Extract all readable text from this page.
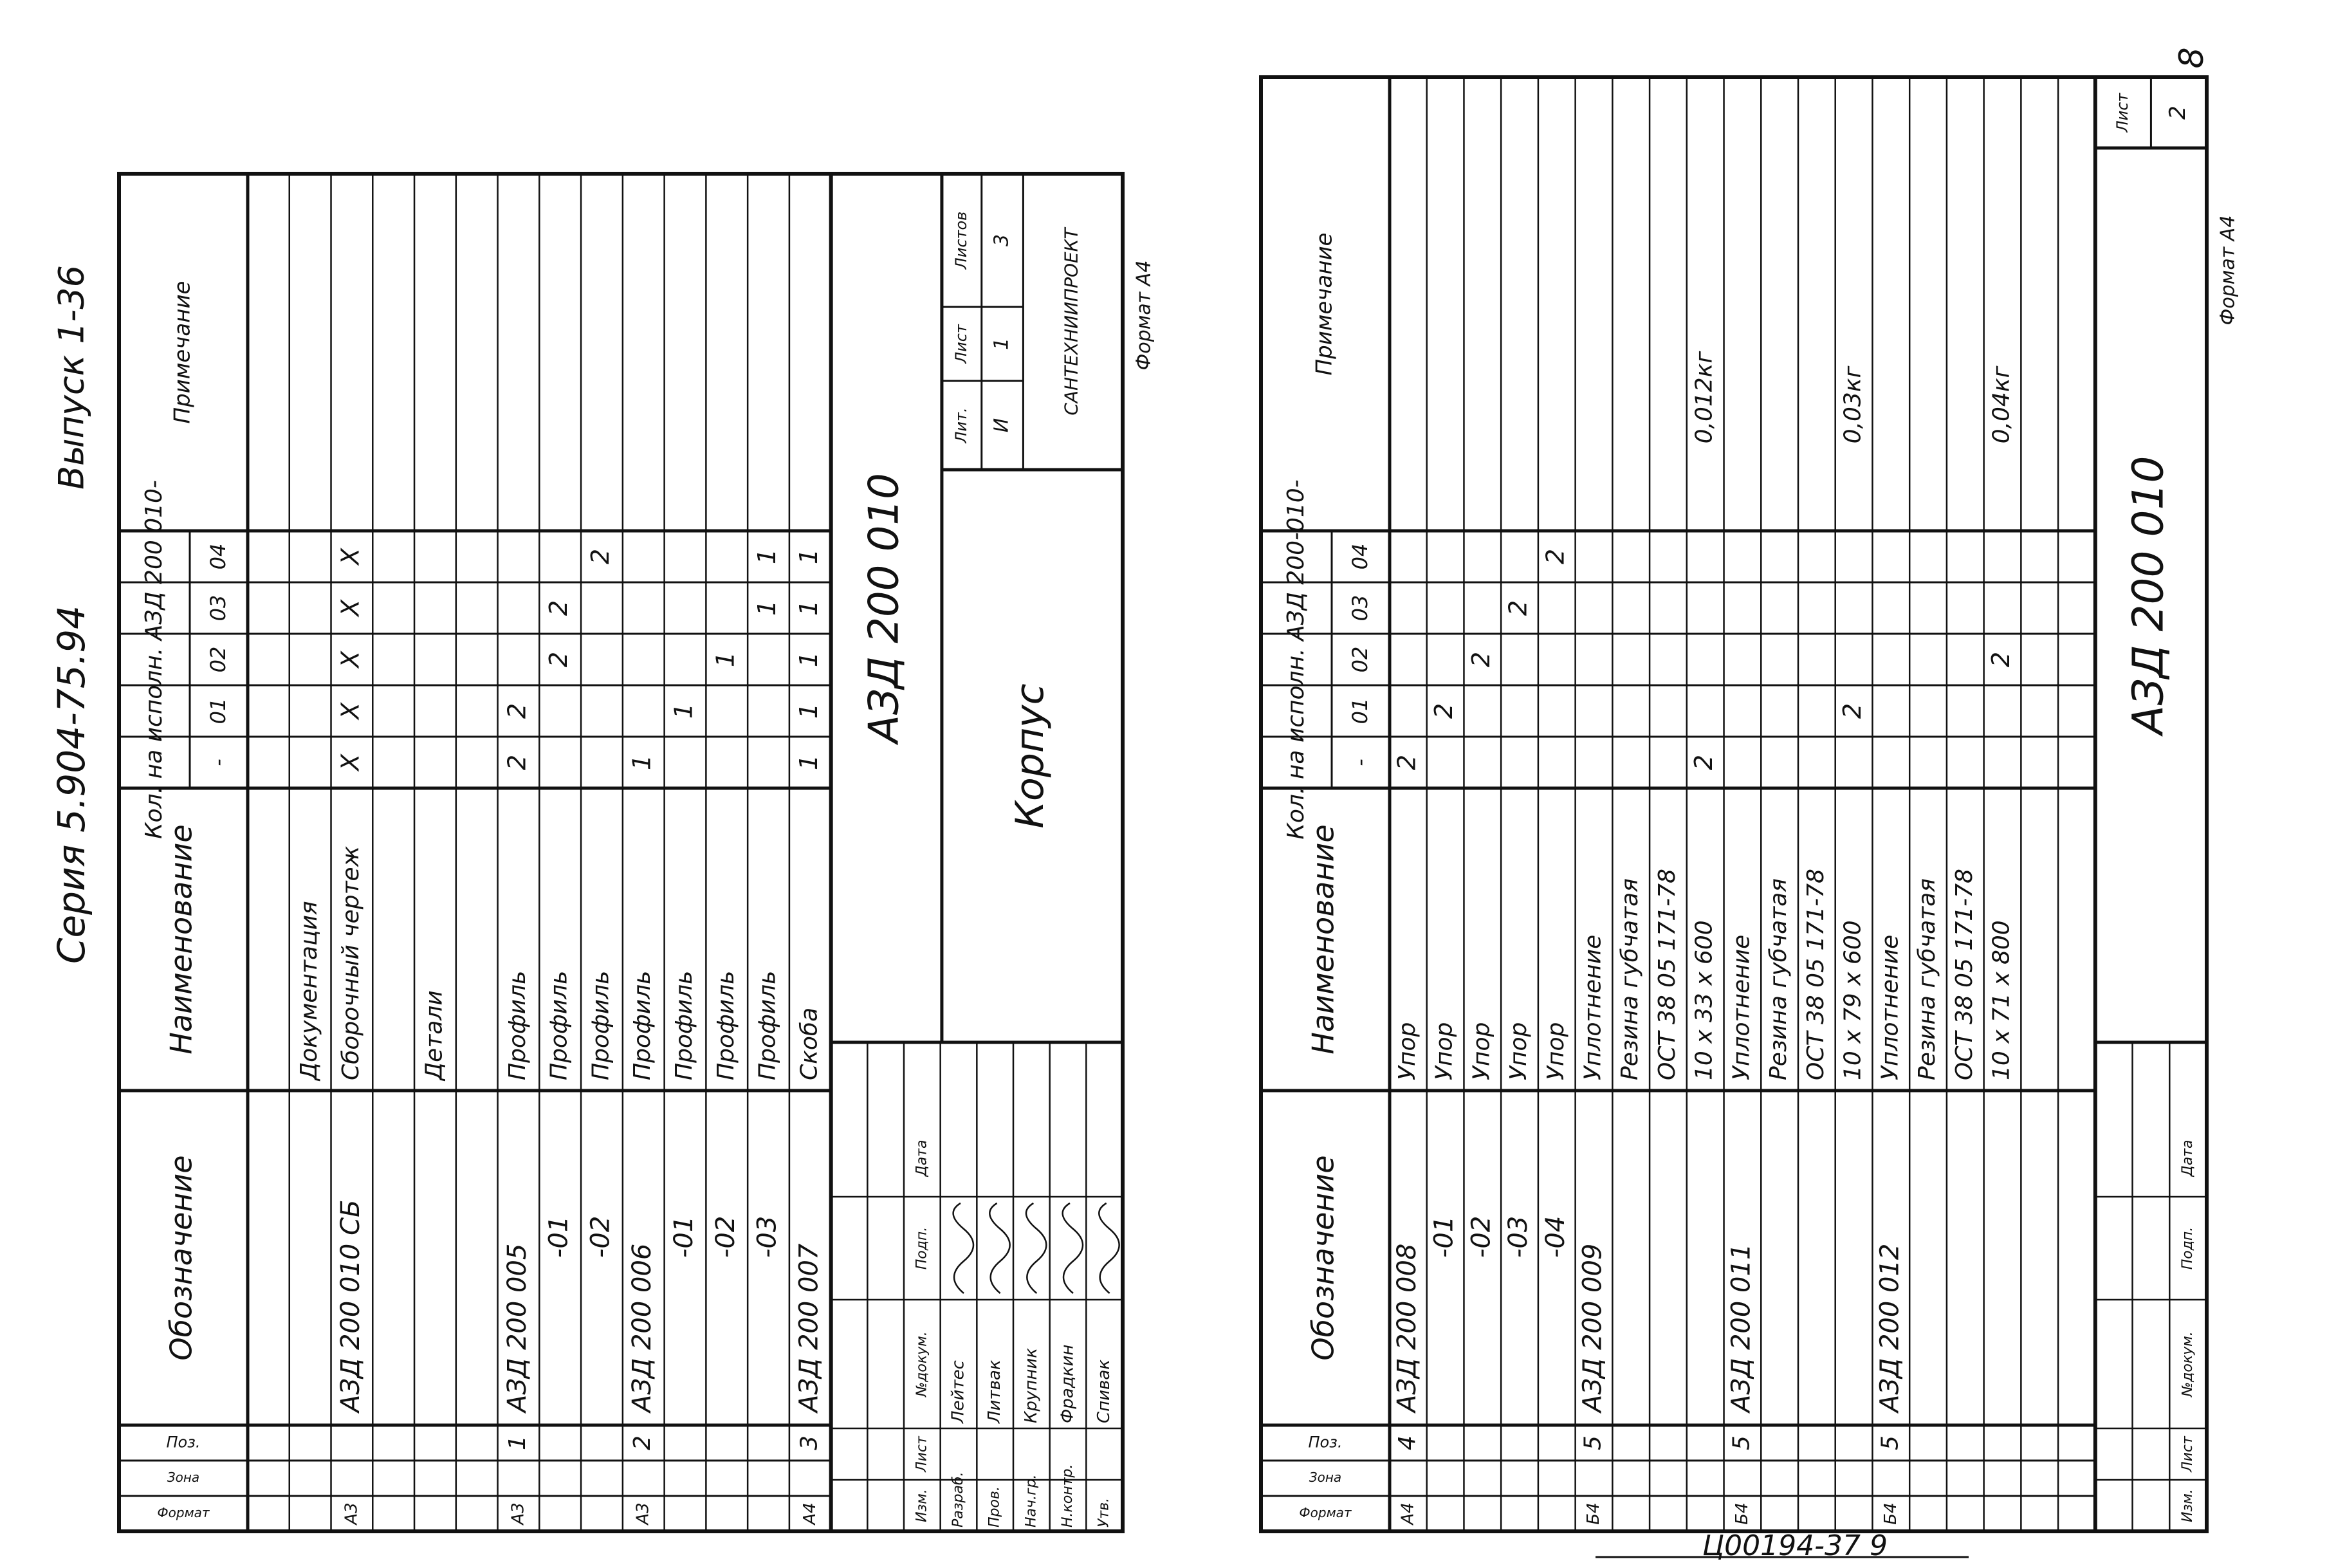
Формат
Зона
Поз.
Обозначение
Наименование
Кол. на исполн. АЗД 200 010- -
01
02
03
04
Примечание
Документация
А3
АЗД 200 010 СБ
Сборочный чертеж
X
X
X
X
X
Детали
А3
1
АЗД 200 005
Профиль
2
2
-01
Профиль
2
2
-02
Профиль
2
А3
2
АЗД 200 006
Профиль
1
-01
Профиль
1
-02
Профиль
1
-03
Профиль
1
1
А4
3
АЗД 200 007
Скоба
1
1
1
1
1
Изм.
Лист
№докум.
Подп.
Дата
Разраб.
Лейтес
Пров.
Литвак
Нач.гр.
Крупник
Н.контр.
Фрадкин
Утв.
Спивак
АЗД 200 010
Корпус
Лит.
Лист
Листов
И
1
3	САНТЕХНИИПРОЕКТ	Формат А4
Серия 5.904-75.94
Выпуск 1-36
Формат
Зона
Поз.
Обозначение
Наименование
Кол. на исполн. АЗД 200-010- -
01
02
03
04
Примечание
А4
4
АЗД 200 008
Упор
2
-01
Упор
2
-02
Упор
2
-03
Упор
2
-04
Упор
2
Б4
5
АЗД 200 009
Уплотнение Резина губчатая ОСТ 38 05 171-78 10 x 33 x 600
2
0,012кг
Б4
5
АЗД 200 011
Уплотнение Резина губчатая ОСТ 38 05 171-78 10 x 79 x 600
2
0,03кг
Б4
5
АЗД 200 012
Уплотнение Резина губчатая ОСТ 38 05 171-78 10 x 71 x 800
2
0,04кг
Изм.
Лист
№докум.
Подп.
Дата
Лист 2
АЗД 200 010
Формат А4
8
Ц00194-37 9
